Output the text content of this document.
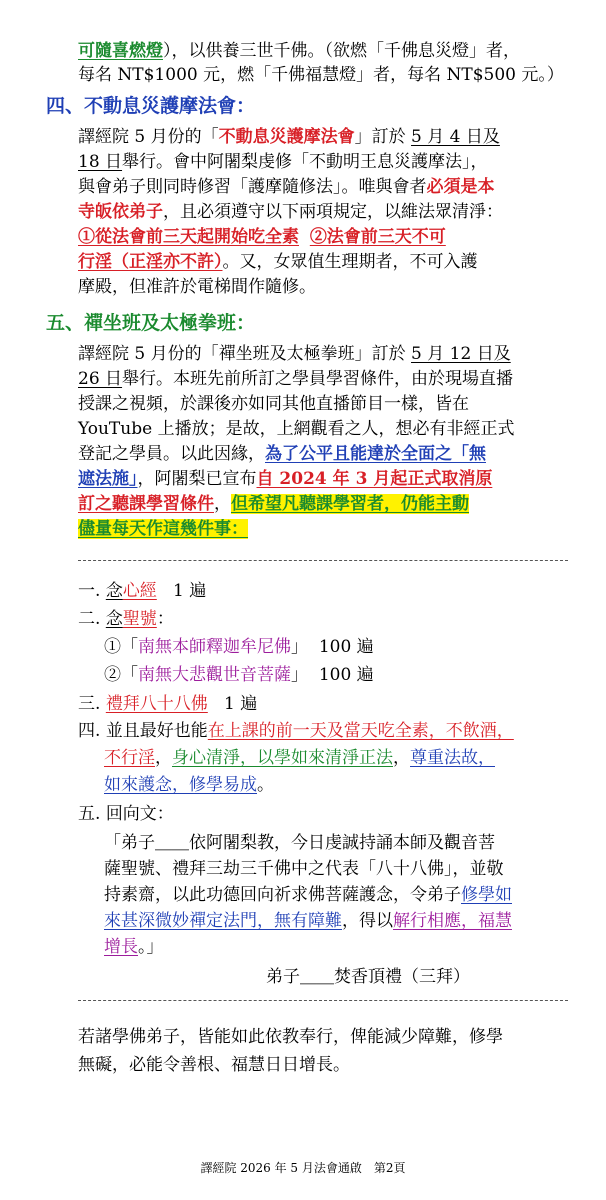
可隨喜燃燈），以供養三世千佛。（欲燃「千佛息災燈」者，
每名 NT$1000 元，燃「千佛福慧燈」者，每名 NT$500 元。）
四、不動息災護摩法會：
譯經院 5 月份的「不動息災護摩法會」訂於 5 月 4 日及
18 日舉行。會中阿闍梨虔修「不動明王息災護摩法」，
與會弟子則同時修習「護摩隨修法」。唯與會者必須是本
寺皈依弟子，且必須遵守以下兩項規定，以維法眾清淨：
①從法會前三天起開始吃全素 ②法會前三天不可
行淫（正淫亦不許）。又，女眾值生理期者，不可入護
摩殿，但准許於電梯間作隨修。
五、禪坐班及太極拳班：
譯經院 5 月份的「禪坐班及太極拳班」訂於 5 月 12 日及
26 日舉行。本班先前所訂之學員學習條件，由於現場直播
授課之視頻，於課後亦如同其他直播節目一樣，皆在
YouTube 上播放；是故，上網觀看之人，想必有非經正式
登記之學員。以此因緣，為了公平且能達於全面之「無
遮法施」，阿闍梨已宣布自 2024 年 3 月起正式取消原
訂之聽課學習條件，但希望凡聽課學習者，仍能主動
儘量每天作這幾件事：
一. 念心經 1 遍
二. 念聖號：
①「南無本師釋迦牟尼佛」 100 遍
②「南無大悲觀世音菩薩」 100 遍
三. 禮拜八十八佛 1 遍
四. 並且最好也能在上課的前一天及當天吃全素，不飲酒，
不行淫，身心清淨，以學如來清淨正法，尊重法故，
如來護念，修學易成。
五. 回向文：
「弟子＿＿依阿闍梨教，今日虔誠持誦本師及觀音菩
薩聖號、禮拜三劫三千佛中之代表「八十八佛」，並敬
持素齋，以此功德回向祈求佛菩薩護念，令弟子修學如
來甚深微妙禪定法門，無有障難，得以解行相應，福慧
增長。」
弟子＿＿焚香頂禮（三拜）
若諸學佛弟子，皆能如此依教奉行，俾能減少障難，修學
無礙，必能令善根、福慧日日增長。
譯經院 2026 年 5 月法會通啟　第2頁
